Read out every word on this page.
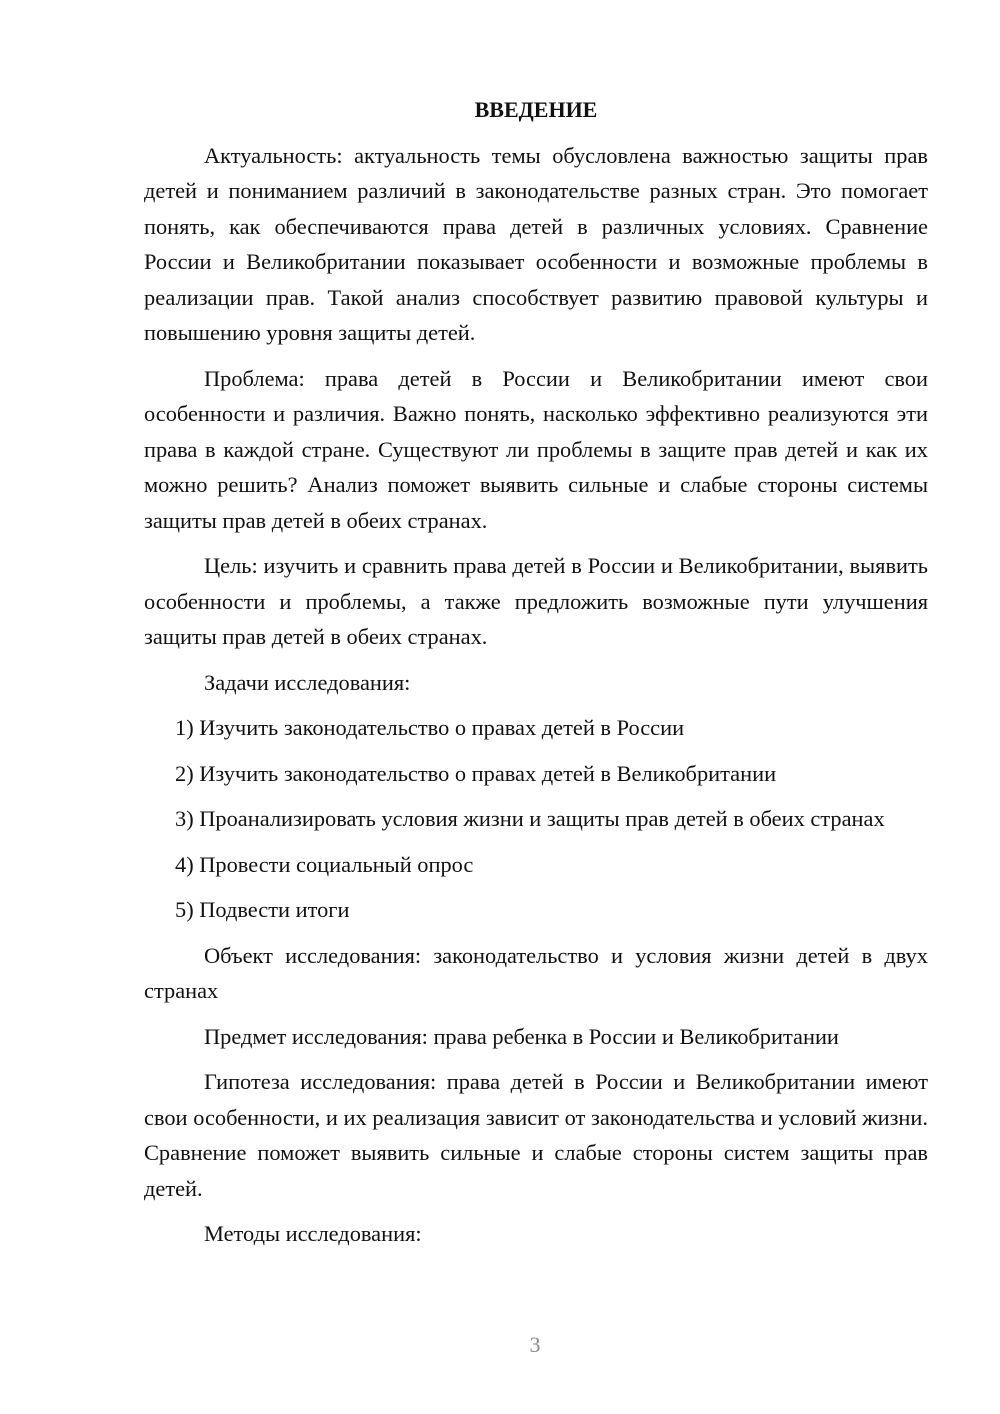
ВВЕДЕНИЕ

Актуальность: актуальность темы обусловлена важностью защиты прав детей и пониманием различий в законодательстве разных стран. Это помогает понять, как обеспечиваются права детей в различных условиях. Сравнение России и Великобритании показывает особенности и возможные проблемы в реализации прав. Такой анализ способствует развитию правовой культуры и повышению уровня защиты детей.

Проблема: права детей в России и Великобритании имеют свои особенности и различия. Важно понять, насколько эффективно реализуются эти права в каждой стране. Существуют ли проблемы в защите прав детей и как их можно решить? Анализ поможет выявить сильные и слабые стороны системы защиты прав детей в обеих странах.

Цель: изучить и сравнить права детей в России и Великобритании, выявить особенности и проблемы, а также предложить возможные пути улучшения защиты прав детей в обеих странах.

Задачи исследования:

1) Изучить законодательство о правах детей в России

2) Изучить законодательство о правах детей в Великобритании

3) Проанализировать условия жизни и защиты прав детей в обеих странах

4) Провести социальный опрос

5) Подвести итоги

Объект исследования: законодательство и условия жизни детей в двух странах

Предмет исследования: права ребенка в России и Великобритании

Гипотеза исследования: права детей в России и Великобритании имеют свои особенности, и их реализация зависит от законодательства и условий жизни. Сравнение поможет выявить сильные и слабые стороны систем защиты прав детей.

Методы исследования:

3
